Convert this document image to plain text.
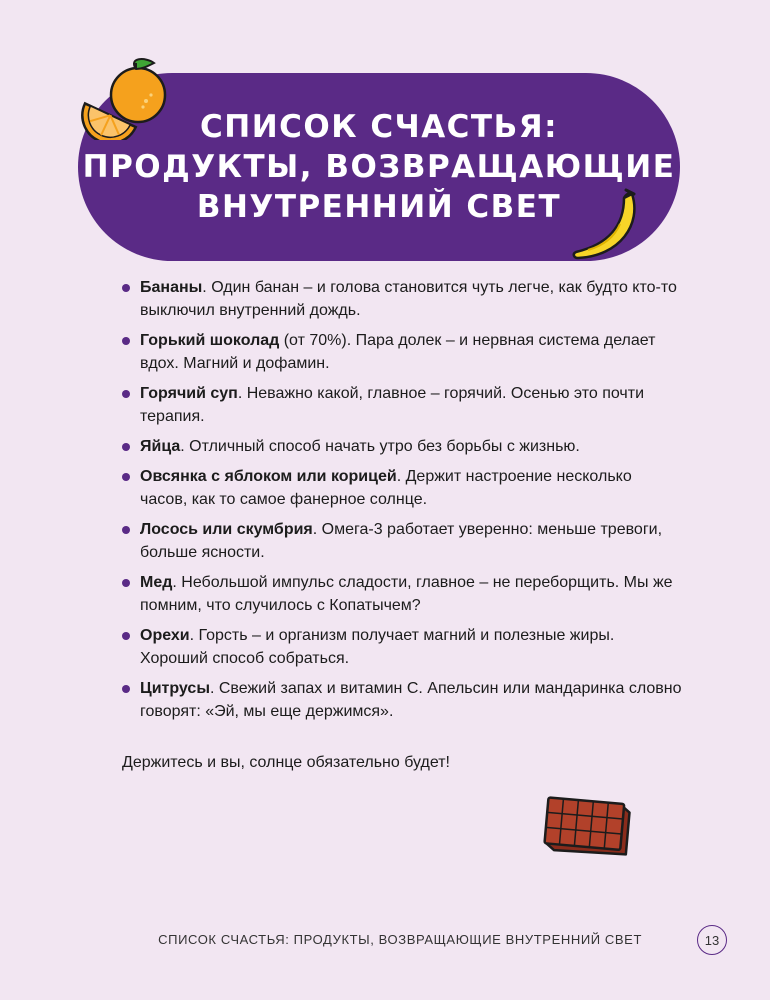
СПИСОК СЧАСТЬЯ:
ПРОДУКТЫ, ВОЗВРАЩАЮЩИЕ
ВНУТРЕННИЙ СВЕТ
Бананы. Один банан – и голова становится чуть легче, как будто кто-то выключил внутренний дождь.
Горький шоколад (от 70%). Пара долек – и нервная система делает вдох. Магний и дофамин.
Горячий суп. Неважно какой, главное – горячий. Осенью это почти терапия.
Яйца. Отличный способ начать утро без борьбы с жизнью.
Овсянка с яблоком или корицей. Держит настроение несколько часов, как то самое фанерное солнце.
Лосось или скумбрия. Омега-3 работает уверенно: меньше тревоги, больше ясности.
Мед. Небольшой импульс сладости, главное – не переборщить. Мы же помним, что случилось с Копатычем?
Орехи. Горсть – и организм получает магний и полезные жиры. Хороший способ собраться.
Цитрусы. Свежий запах и витамин С. Апельсин или мандаринка словно говорят: «Эй, мы еще держимся».
Держитесь и вы, солнце обязательно будет!
СПИСОК СЧАСТЬЯ: ПРОДУКТЫ, ВОЗВРАЩАЮЩИЕ ВНУТРЕННИЙ СВЕТ	13
